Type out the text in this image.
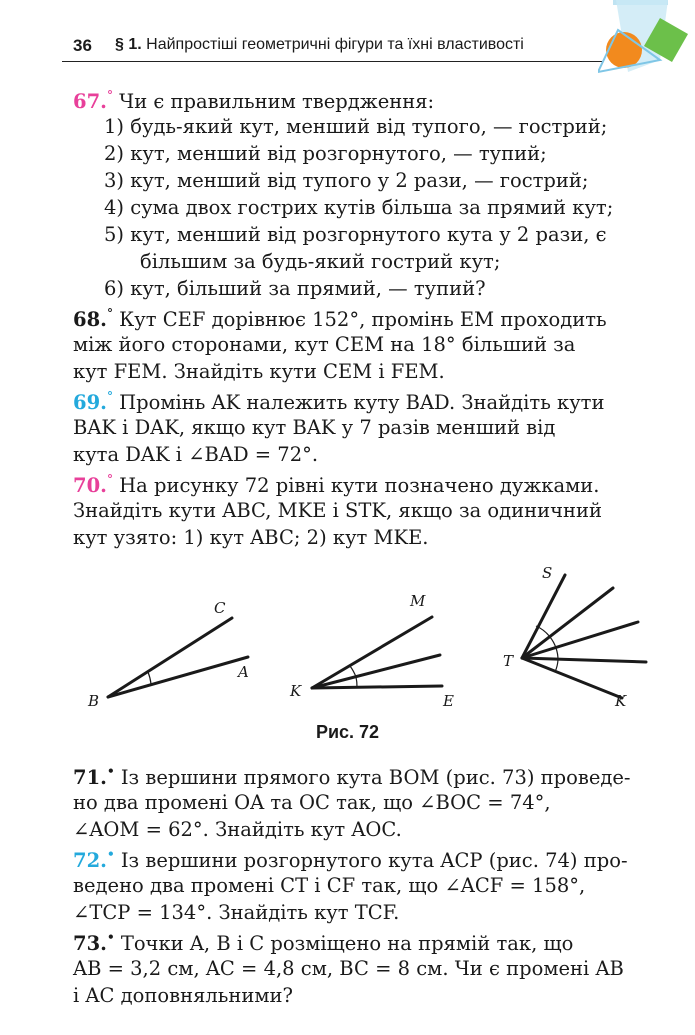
36 § 1. Найпростіші геометричні фігури та їхні властивості
67.° Чи є правильним твердження:
1) будь-який кут, менший від тупого, — гострий;
2) кут, менший від розгорнутого, — тупий;
3) кут, менший від тупого у 2 рази, — гострий;
4) сума двох гострих кутів більша за прямий кут;
5) кут, менший від розгорнутого кута у 2 рази, є
більшим за будь-який гострий кут;
6) кут, більший за прямий, — тупий?
68.° Кут CEF дорівнює 152°, промінь EM проходить
між його сторонами, кут CEM на 18° більший за
кут FEM. Знайдіть кути CEM і FEM.
69.° Промінь AK належить куту BAD. Знайдіть кути
BAK і DAK, якщо кут BAK у 7 разів менший від
кута DAK і ∠BAD = 72°.
70.° На рисунку 72 рівні кути позначено дужками.
Знайдіть кути ABC, MKE і STK, якщо за одиничний
кут узято: 1) кут ABC; 2) кут MKE.
C
A
B
M
K
E
S
T
K
Рис. 72
71.• Із вершини прямого кута BOM (рис. 73) проведе-
но два промені OA та OC так, що ∠BOC = 74°,
∠AOM = 62°. Знайдіть кут AOC.
72.• Із вершини розгорнутого кута ACP (рис. 74) про-
ведено два промені CT і CF так, що ∠ACF = 158°,
∠TCP = 134°. Знайдіть кут TCF.
73.• Точки A, B і C розміщено на прямій так, що
AB = 3,2 см, AC = 4,8 см, BC = 8 см. Чи є промені AB
і AC доповняльними?
